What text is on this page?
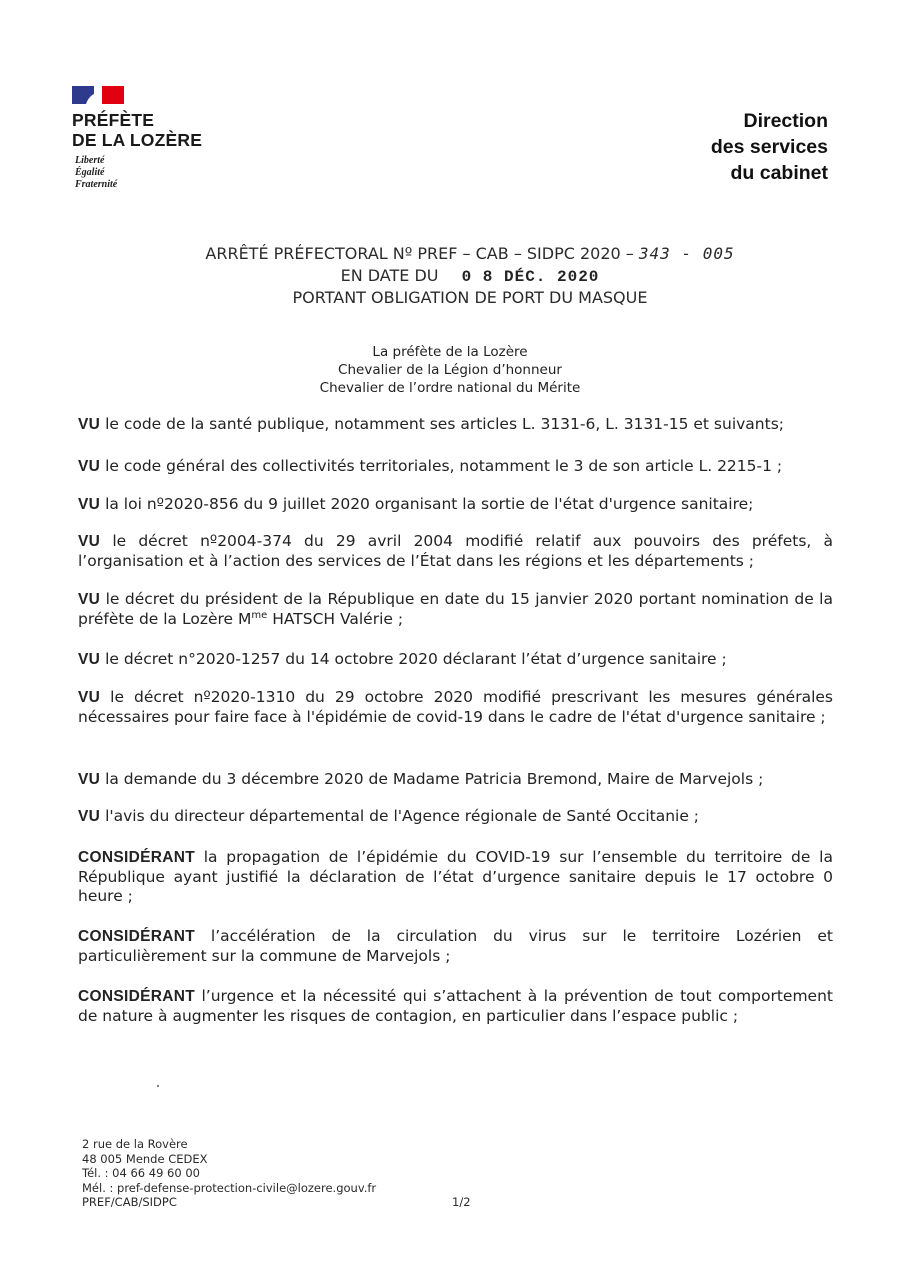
PRÉFÈTE
DE LA LOZÈRE
Liberté
Égalité
Fraternité
Direction
des services
du cabinet
ARRÊTÉ PRÉFECTORAL Nº PREF – CAB – SIDPC 2020 – 343 - 005
EN DATE DU 0 8 DÉC. 2020
PORTANT OBLIGATION DE PORT DU MASQUE
La préfète de la Lozère
Chevalier de la Légion d’honneur
Chevalier de l’ordre national du Mérite
VU le code de la santé publique, notamment ses articles L. 3131-6, L. 3131-15 et suivants;
VU le code général des collectivités territoriales, notamment le 3 de son article L. 2215-1 ;
VU la loi nº2020-856 du 9 juillet 2020 organisant la sortie de l'état d'urgence sanitaire;
VU le décret nº2004-374 du 29 avril 2004 modifié relatif aux pouvoirs des préfets, à l’organisation et à l’action des services de l’État dans les régions et les départements ;
VU le décret du président de la République en date du 15 janvier 2020 portant nomination de la préfète de la Lozère $M^{me}$ HATSCH Valérie ;
VU le décret n°2020-1257 du 14 octobre 2020 déclarant l’état d’urgence sanitaire ;
VU le décret nº2020-1310 du 29 octobre 2020 modifié prescrivant les mesures générales nécessaires pour faire face à l'épidémie de covid-19 dans le cadre de l'état d'urgence sanitaire ;
VU la demande du 3 décembre 2020 de Madame Patricia Bremond, Maire de Marvejols ;
VU l'avis du directeur départemental de l'Agence régionale de Santé Occitanie ;
CONSIDÉRANT la propagation de l’épidémie du COVID-19 sur l’ensemble du territoire de la République ayant justifié la déclaration de l’état d’urgence sanitaire depuis le 17 octobre 0 heure ;
CONSIDÉRANT l’accélération de la circulation du virus sur le territoire Lozérien et particulièrement sur la commune de Marvejols ;
CONSIDÉRANT l’urgence et la nécessité qui s’attachent à la prévention de tout comportement de nature à augmenter les risques de contagion, en particulier dans l’espace public ;
2 rue de la Rovère
48 005 Mende CEDEX
Tél. : 04 66 49 60 00
Mél. : pref-defense-protection-civile@lozere.gouv.fr
PREF/CAB/SIDPC	1/2
